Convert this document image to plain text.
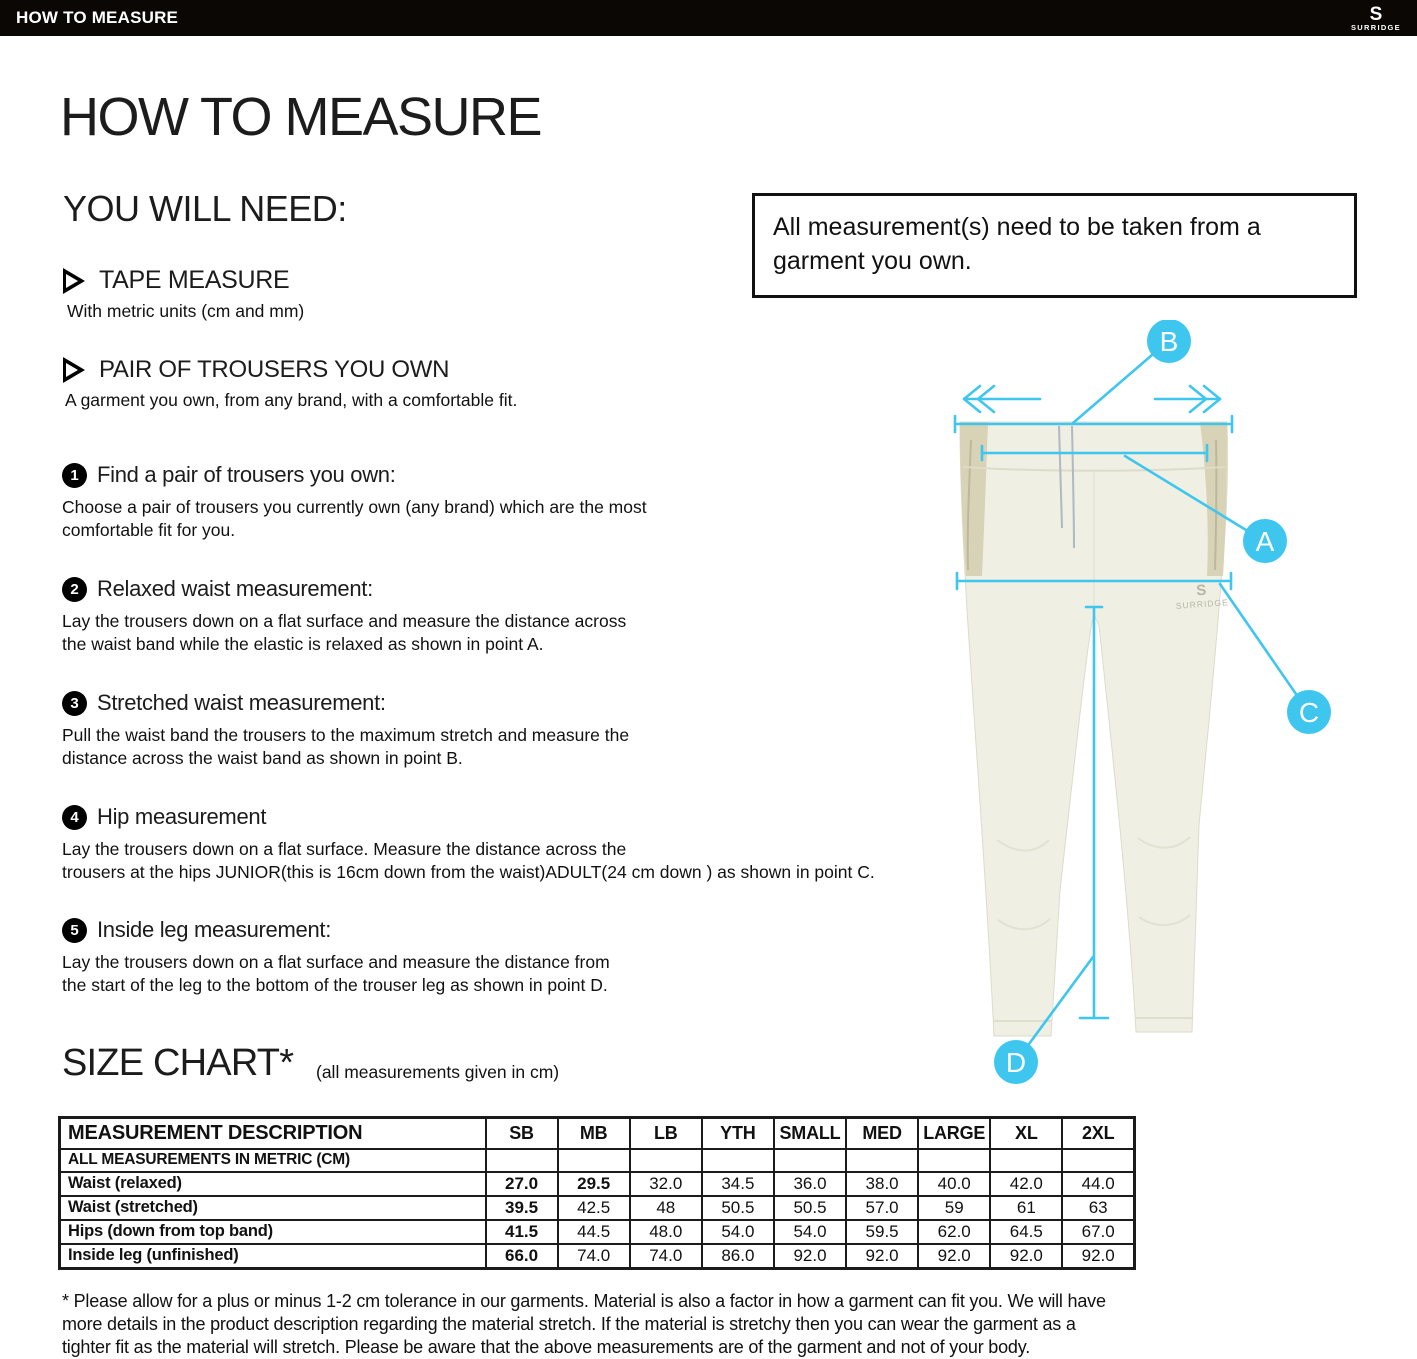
HOW TO MEASURE	S
SURRIDGE
HOW TO MEASURE
YOU WILL NEED:
TAPE MEASURE
With metric units (cm and mm)
PAIR OF TROUSERS YOU OWN
A garment you own, from any brand, with a comfortable fit.
1 Find a pair of trousers you own:
Choose a pair of trousers you currently own (any brand) which are the most
comfortable fit for you.
2 Relaxed waist measurement:
Lay the trousers down on a flat surface and measure the distance across
the waist band while the elastic is relaxed as shown in point A.
3 Stretched waist measurement:
Pull the waist band the trousers to the maximum stretch and measure the
distance across the waist band as shown in point B.
4 Hip measurement
Lay the trousers down on a flat surface. Measure the distance across the
trousers at the hips JUNIOR(this is 16cm down from the waist)ADULT(24 cm down ) as shown in point C.
5 Inside leg measurement:
Lay the trousers down on a flat surface and measure the distance from
the start of the leg to the bottom of the trouser leg as shown in point D.
All measurement(s) need to be taken from a
garment you own.
S
SURRIDGE
B
A
C
D
SIZE CHART* (all measurements given in cm)
MEASUREMENT DESCRIPTION	SB	MB	LB	YTH	SMALL	MED	LARGE	XL	2XL
ALL MEASUREMENTS IN METRIC (CM)									
Waist (relaxed)	27.0	29.5	32.0	34.5	36.0	38.0	40.0	42.0	44.0
Waist (stretched)	39.5	42.5	48	50.5	50.5	57.0	59	61	63
Hips (down from top band)	41.5	44.5	48.0	54.0	54.0	59.5	62.0	64.5	67.0
Inside leg (unfinished)	66.0	74.0	74.0	86.0	92.0	92.0	92.0	92.0	92.0
* Please allow for a plus or minus 1-2 cm tolerance in our garments. Material is also a factor in how a garment can fit you. We will have
more details in the product description regarding the material stretch. If the material is stretchy then you can wear the garment as a
tighter fit as the material will stretch. Please be aware that the above measurements are of the garment and not of your body.
